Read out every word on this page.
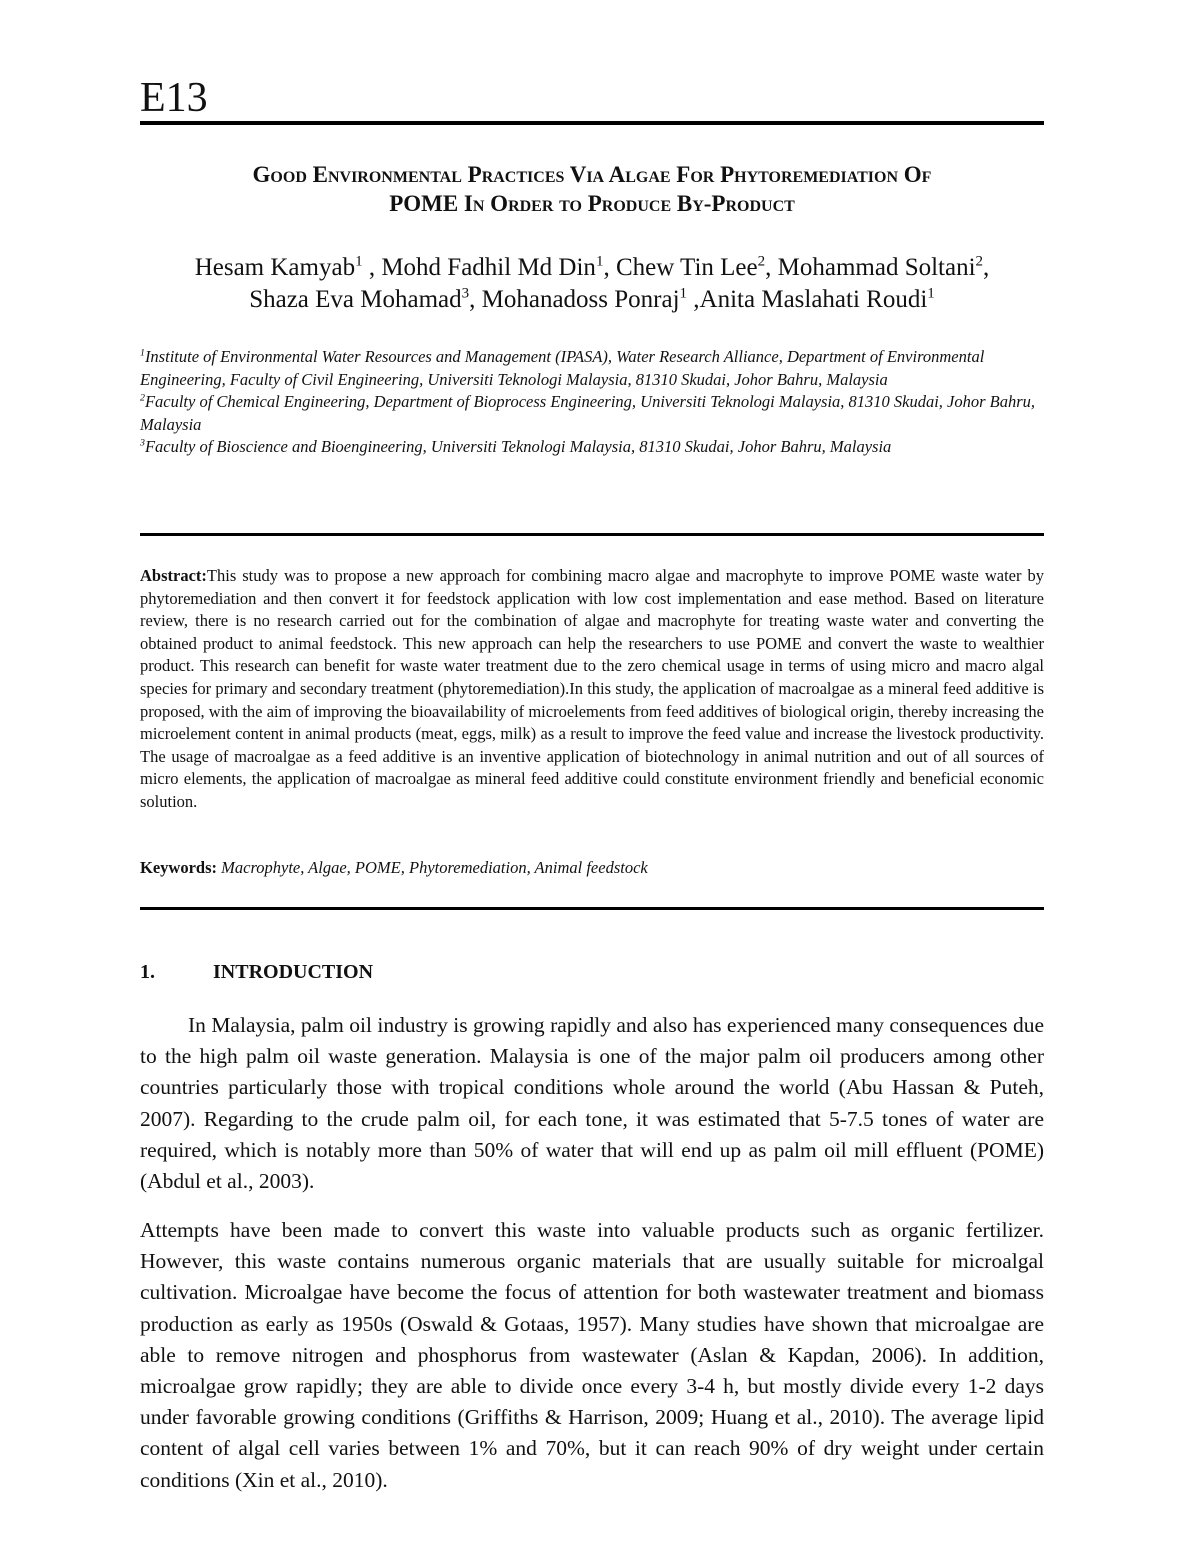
E13
Good Environmental Practices Via Algae For Phytoremediation Of
POME In Order to Produce By-Product
Hesam Kamyab$^1$ , Mohd Fadhil Md Din$^1$, Chew Tin Lee$^2$, Mohammad Soltani$^2$,
Shaza Eva Mohamad$^3$, Mohanadoss Ponraj$^1$ ,Anita Maslahati Roudi$^1$

$^1$Institute of Environmental Water Resources and Management (IPASA), Water Research Alliance, Department of Environmental Engineering, Faculty of Civil Engineering, Universiti Teknologi Malaysia, 81310 Skudai, Johor Bahru, Malaysia

$^2$Faculty of Chemical Engineering, Department of Bioprocess Engineering, Universiti Teknologi Malaysia, 81310 Skudai, Johor Bahru, Malaysia

$^3$Faculty of Bioscience and Bioengineering, Universiti Teknologi Malaysia, 81310 Skudai, Johor Bahru, Malaysia

Abstract:This study was to propose a new approach for combining macro algae and macrophyte to improve POME waste water by phytoremediation and then convert it for feedstock application with low cost implementation and ease method. Based on literature review, there is no research carried out for the combination of algae and macrophyte for treating waste water and converting the obtained product to animal feedstock. This new approach can help the researchers to use POME and convert the waste to wealthier product. This research can benefit for waste water treatment due to the zero chemical usage in terms of using micro and macro algal species for primary and secondary treatment (phytoremediation).In this study, the application of macroalgae as a mineral feed additive is proposed, with the aim of improving the bioavailability of microelements from feed additives of biological origin, thereby increasing the microelement content in animal products (meat, eggs, milk) as a result to improve the feed value and increase the livestock productivity. The usage of macroalgae as a feed additive is an inventive application of biotechnology in animal nutrition and out of all sources of micro elements, the application of macroalgae as mineral feed additive could constitute environment friendly and beneficial economic solution.

Keywords: Macrophyte, Algae, POME, Phytoremediation, Animal feedstock
1.	INTRODUCTION

In Malaysia, palm oil industry is growing rapidly and also has experienced many consequences due to the high palm oil waste generation. Malaysia is one of the major palm oil producers among other countries particularly those with tropical conditions whole around the world (Abu Hassan & Puteh, 2007). Regarding to the crude palm oil, for each tone, it was estimated that 5-7.5 tones of water are required, which is notably more than 50% of water that will end up as palm oil mill effluent (POME) (Abdul et al., 2003).

Attempts have been made to convert this waste into valuable products such as organic fertilizer. However, this waste contains numerous organic materials that are usually suitable for microalgal cultivation. Microalgae have become the focus of attention for both wastewater treatment and biomass production as early as 1950s (Oswald & Gotaas, 1957). Many studies have shown that microalgae are able to remove nitrogen and phosphorus from wastewater (Aslan & Kapdan, 2006). In addition, microalgae grow rapidly; they are able to divide once every 3-4 h, but mostly divide every 1-2 days under favorable growing conditions (Griffiths & Harrison, 2009; Huang et al., 2010). The average lipid content of algal cell varies between 1% and 70%, but it can reach 90% of dry weight under certain conditions (Xin et al., 2010).
